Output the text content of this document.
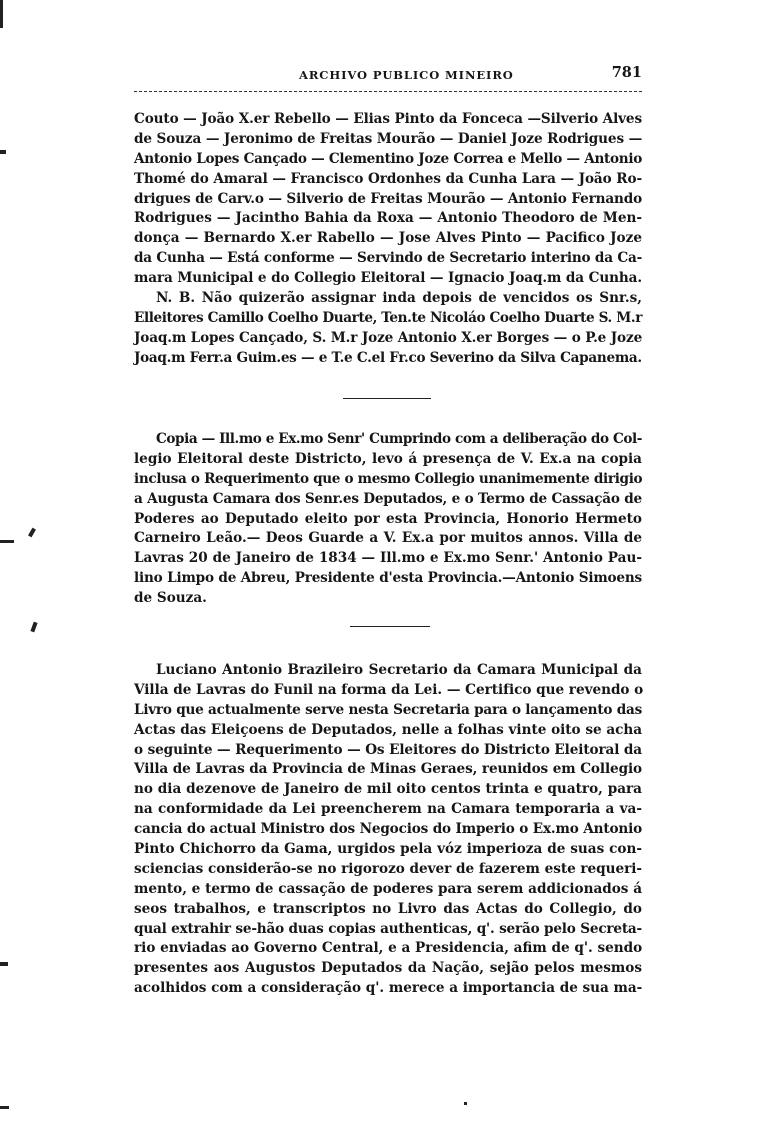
ARCHIVO PUBLICO MINEIRO	781
Couto — João X.er Rebello — Elias Pinto da Fonceca —Silverio Alves
de Souza — Jeronimo de Freitas Mourão — Daniel Joze Rodrigues —
Antonio Lopes Cançado — Clementino Joze Correa e Mello — Antonio
Thomé do Amaral — Francisco Ordonhes da Cunha Lara — João Ro-
drigues de Carv.o — Silverio de Freitas Mourão — Antonio Fernando
Rodrigues — Jacintho Bahia da Roxa — Antonio Theodoro de Men-
donça — Bernardo X.er Rabello — Jose Alves Pinto — Pacifico Joze
da Cunha — Está conforme — Servindo de Secretario interino da Ca-
mara Municipal e do Collegio Eleitoral — Ignacio Joaq.m da Cunha.
N. B. Não quizerão assignar inda depois de vencidos os Snr.s,
Elleitores Camillo Coelho Duarte, Ten.te Nicoláo Coelho Duarte S. M.r
Joaq.m Lopes Cançado, S. M.r Joze Antonio X.er Borges — o P.e Joze
Joaq.m Ferr.a Guim.es — e T.e C.el Fr.co Severino da Silva Capanema.
Copia — Ill.mo e Ex.mo Senr' Cumprindo com a deliberação do Col-
legio Eleitoral deste Districto, levo á presença de V. Ex.a na copia
inclusa o Requerimento que o mesmo Collegio unanimemente dirigio
a Augusta Camara dos Senr.es Deputados, e o Termo de Cassação de
Poderes ao Deputado eleito por esta Provincia, Honorio Hermeto
Carneiro Leão.— Deos Guarde a V. Ex.a por muitos annos. Villa de
Lavras 20 de Janeiro de 1834 — Ill.mo e Ex.mo Senr.' Antonio Pau-
lino Limpo de Abreu, Presidente d'esta Provincia.—Antonio Simoens
de Souza.
Luciano Antonio Brazileiro Secretario da Camara Municipal da
Villa de Lavras do Funil na forma da Lei. — Certifico que revendo o
Livro que actualmente serve nesta Secretaria para o lançamento das
Actas das Eleiçoens de Deputados, nelle a folhas vinte oito se acha
o seguinte — Requerimento — Os Eleitores do Districto Eleitoral da
Villa de Lavras da Provincia de Minas Geraes, reunidos em Collegio
no dia dezenove de Janeiro de mil oito centos trinta e quatro, para
na conformidade da Lei preencherem na Camara temporaria a va-
cancia do actual Ministro dos Negocios do Imperio o Ex.mo Antonio
Pinto Chichorro da Gama, urgidos pela vóz imperioza de suas con-
sciencias considerão-se no rigorozo dever de fazerem este requeri-
mento, e termo de cassação de poderes para serem addicionados á
seos trabalhos, e transcriptos no Livro das Actas do Collegio, do
qual extrahir se-hão duas copias authenticas, q'. serão pelo Secreta-
rio enviadas ao Governo Central, e a Presidencia, afim de q'. sendo
presentes aos Augustos Deputados da Nação, sejão pelos mesmos
acolhidos com a consideração q'. merece a importancia de sua ma-
